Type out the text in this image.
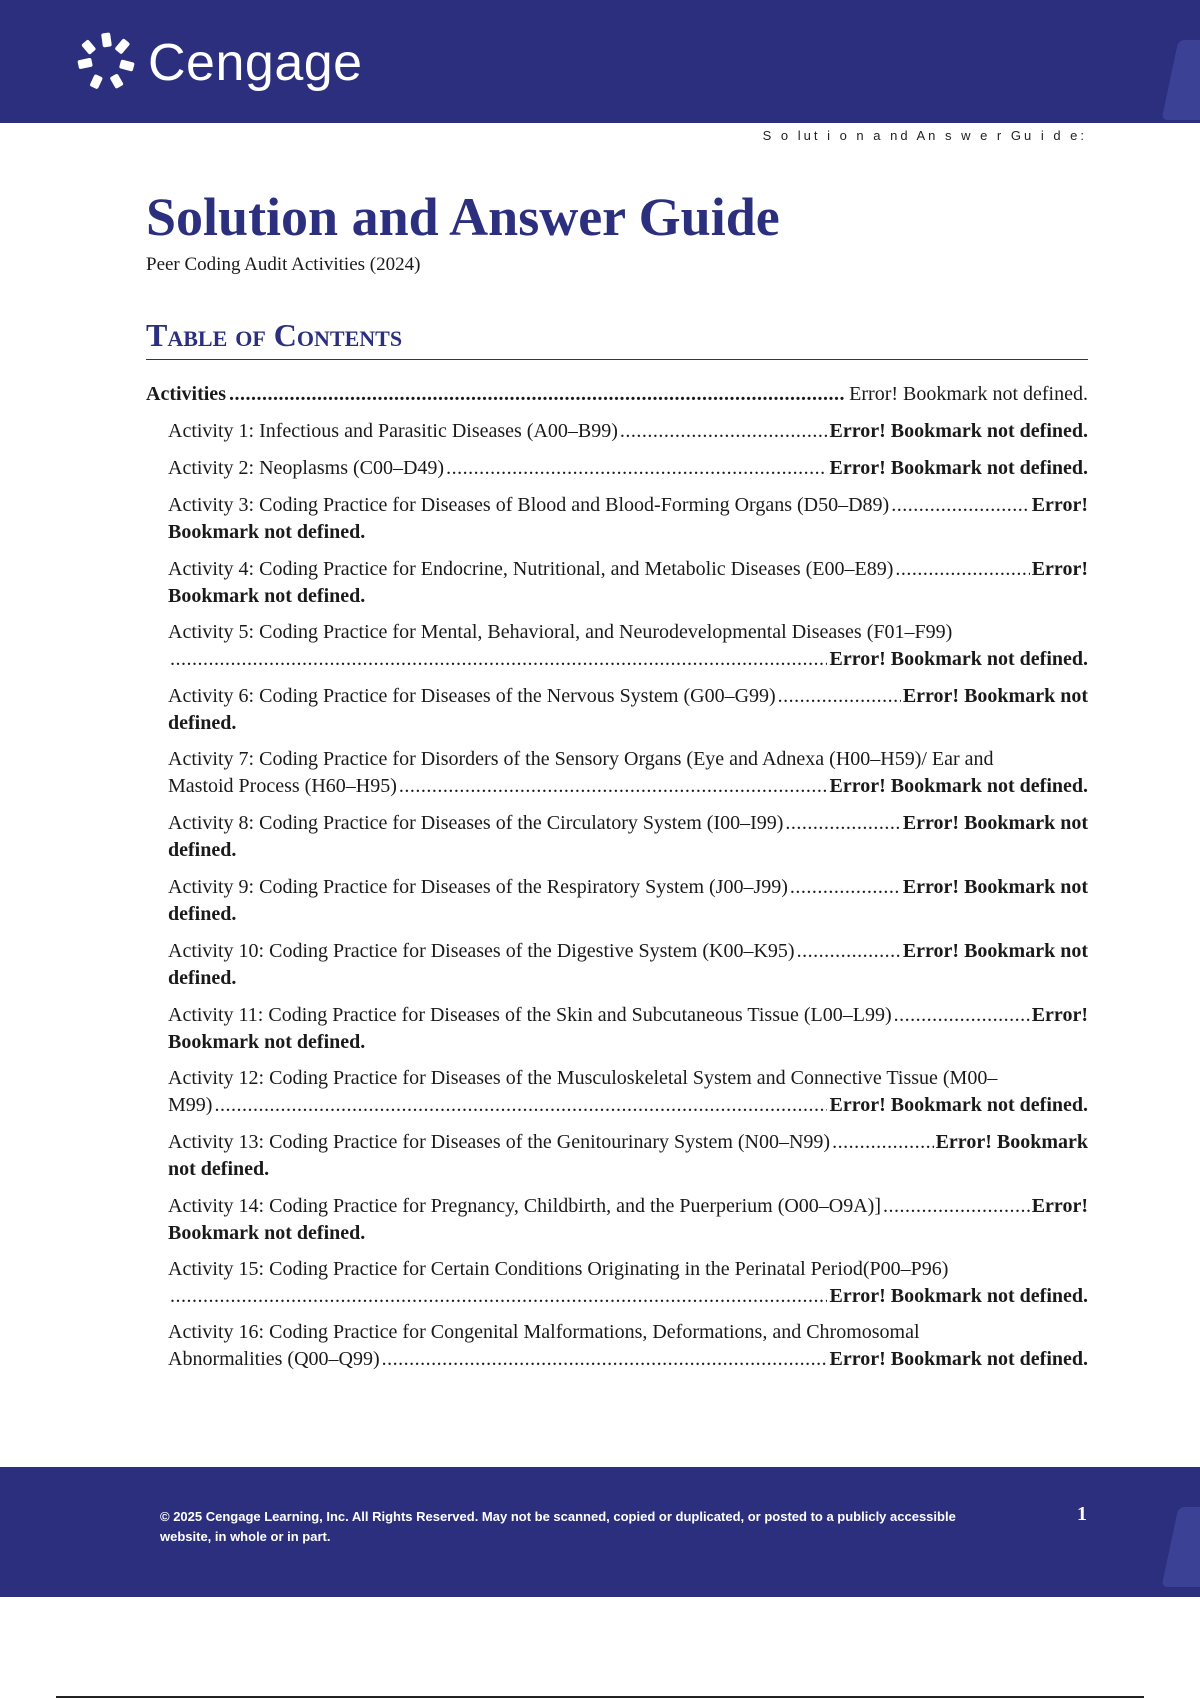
Cengage
S o lut i o n a nd An s w e r Gu i d e:
Solution and Answer Guide
Peer Coding Audit Activities (2024)
Table of Contents
Activities .....	Error! Bookmark not defined.
Activity 1: Infectious and Parasitic Diseases (A00–B99) .....	Error! Bookmark not defined.
Activity 2: Neoplasms (C00–D49) .....	Error! Bookmark not defined.
Activity 3: Coding Practice for Diseases of Blood and Blood-Forming Organs (D50–D89) .....	Error!
Bookmark not defined.
Activity 4: Coding Practice for Endocrine, Nutritional, and Metabolic Diseases (E00–E89) .....	Error!
Bookmark not defined.
Activity 5: Coding Practice for Mental, Behavioral, and Neurodevelopmental Diseases (F01–F99)
.....
Error! Bookmark not defined.
Activity 6: Coding Practice for Diseases of the Nervous System (G00–G99) .....	Error! Bookmark not
defined.
Activity 7: Coding Practice for Disorders of the Sensory Organs (Eye and Adnexa (H00–H59)/ Ear and
Mastoid Process (H60–H95) .....	Error! Bookmark not defined.
Activity 8: Coding Practice for Diseases of the Circulatory System (I00–I99) .....	Error! Bookmark not
defined.
Activity 9: Coding Practice for Diseases of the Respiratory System (J00–J99) .....	Error! Bookmark not
defined.
Activity 10: Coding Practice for Diseases of the Digestive System (K00–K95) .....	Error! Bookmark not
defined.
Activity 11: Coding Practice for Diseases of the Skin and Subcutaneous Tissue (L00–L99) .....	Error!
Bookmark not defined.
Activity 12: Coding Practice for Diseases of the Musculoskeletal System and Connective Tissue (M00–
M99) .....	Error! Bookmark not defined.
Activity 13: Coding Practice for Diseases of the Genitourinary System (N00–N99) .....	Error! Bookmark
not defined.
Activity 14: Coding Practice for Pregnancy, Childbirth, and the Puerperium (O00–O9A)] .....	Error!
Bookmark not defined.
Activity 15: Coding Practice for Certain Conditions Originating in the Perinatal Period(P00–P96)
.....
Error! Bookmark not defined.
Activity 16: Coding Practice for Congenital Malformations, Deformations, and Chromosomal
Abnormalities (Q00–Q99) .....	Error! Bookmark not defined.
© 2025 Cengage Learning, Inc. All Rights Reserved. May not be scanned, copied or duplicated, or posted to a publicly accessible website, in whole or in part.
1
